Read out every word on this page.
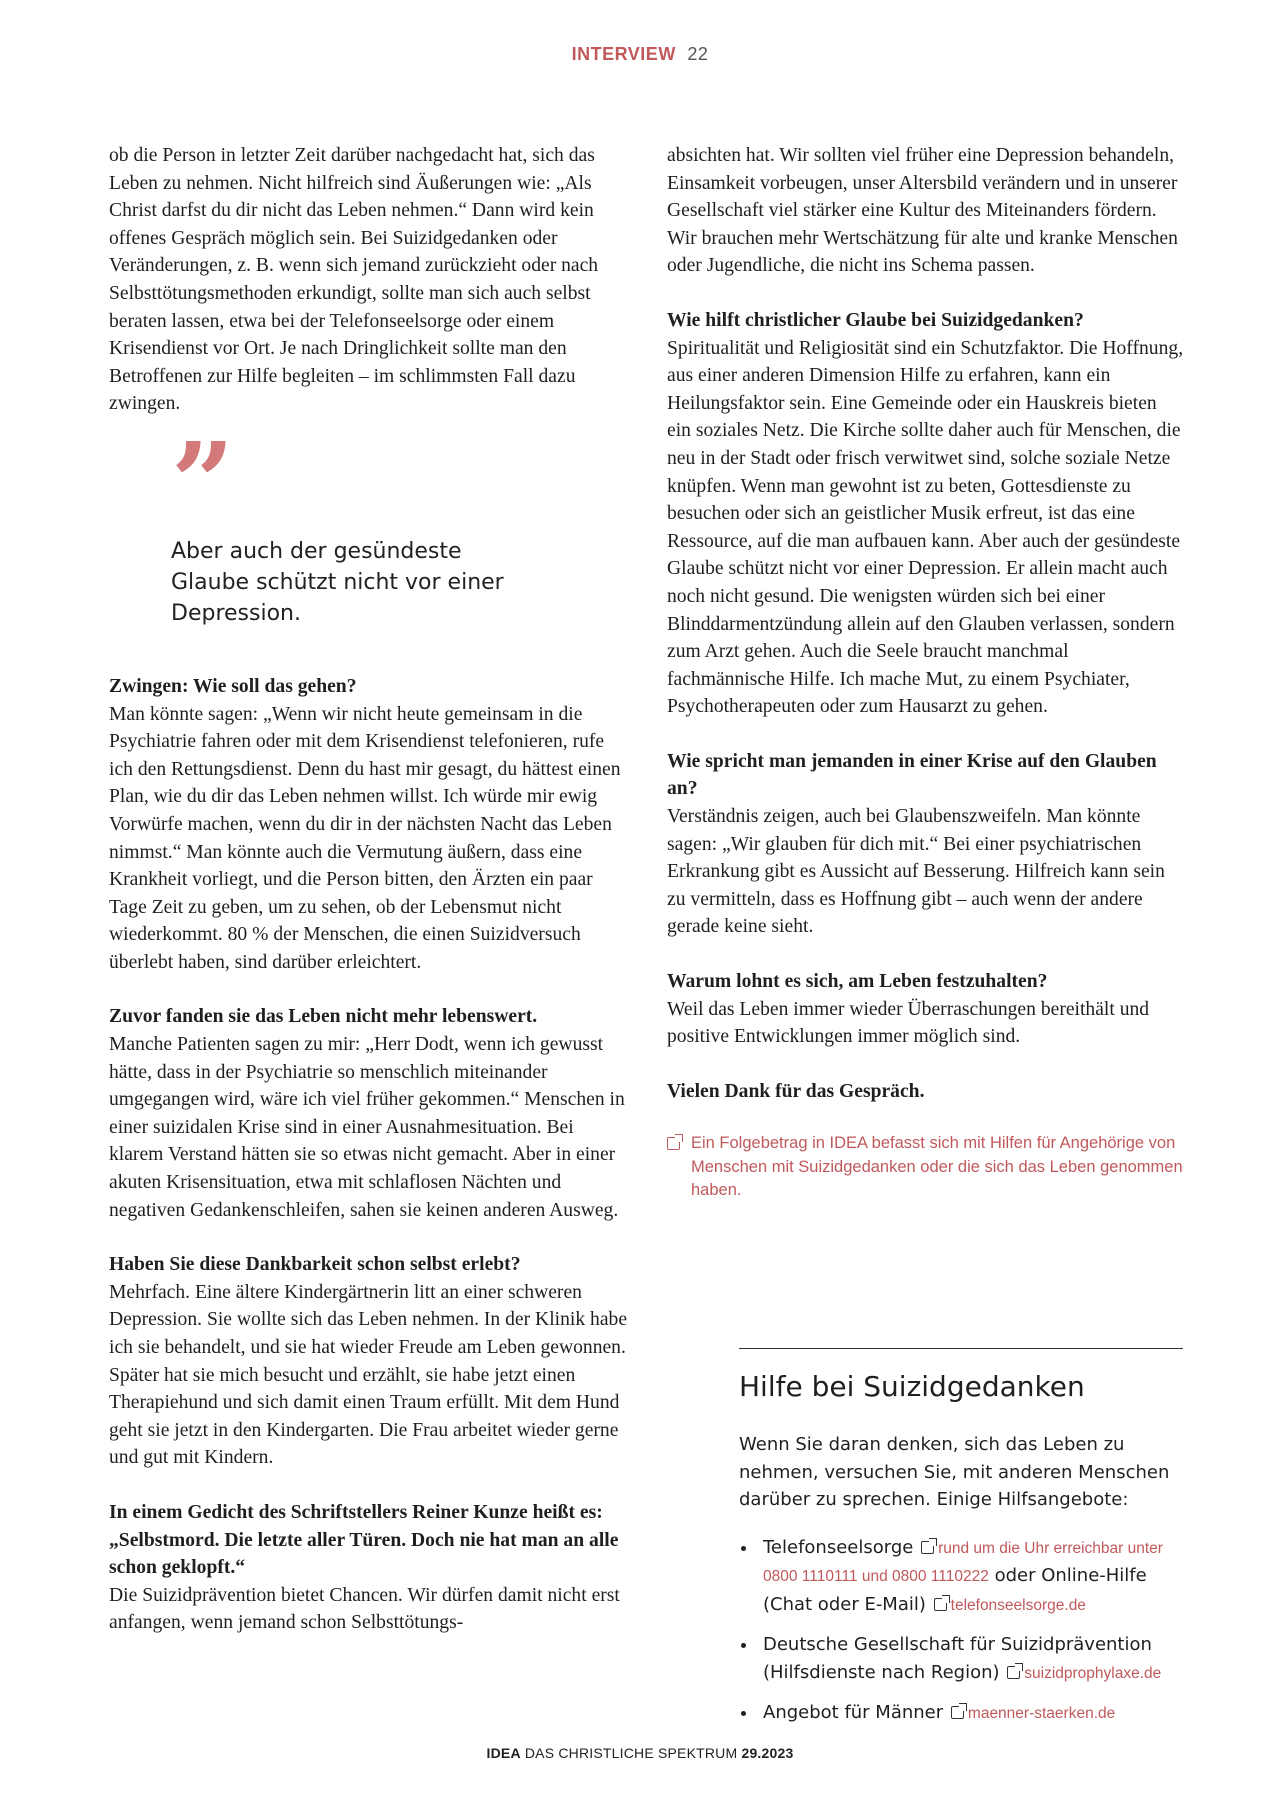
INTERVIEW 22

ob die Person in letzter Zeit darüber nachgedacht hat, sich das Leben zu nehmen. Nicht hilfreich sind Äußerungen wie: „Als Christ darfst du dir nicht das Leben nehmen.“ Dann wird kein offenes Gespräch möglich sein. Bei Suizidgedanken oder Veränderungen, z. B. wenn sich jemand zurückzieht oder nach Selbsttötungsmethoden erkundigt, sollte man sich auch selbst beraten lassen, etwa bei der Telefonseelsorge oder einem Krisendienst vor Ort. Je nach Dringlichkeit sollte man den Betroffenen zur Hilfe begleiten – im schlimmsten Fall dazu zwingen.

”
Aber auch der gesündeste Glaube schützt nicht vor einer Depression.

Zwingen: Wie soll das gehen?
Man könnte sagen: „Wenn wir nicht heute gemeinsam in die Psychiatrie fahren oder mit dem Krisendienst telefonieren, rufe ich den Rettungsdienst. Denn du hast mir gesagt, du hättest einen Plan, wie du dir das Leben nehmen willst. Ich würde mir ewig Vorwürfe machen, wenn du dir in der nächsten Nacht das Leben nimmst.“ Man könnte auch die Vermutung äußern, dass eine Krankheit vorliegt, und die Person bitten, den Ärzten ein paar Tage Zeit zu geben, um zu sehen, ob der Lebensmut nicht wiederkommt. 80 % der Menschen, die einen Suizidversuch überlebt haben, sind darüber erleichtert.

Zuvor fanden sie das Leben nicht mehr lebenswert.
Manche Patienten sagen zu mir: „Herr Dodt, wenn ich gewusst hätte, dass in der Psychiatrie so menschlich miteinander umgegangen wird, wäre ich viel früher gekommen.“ Menschen in einer suizidalen Krise sind in einer Ausnahmesituation. Bei klarem Verstand hätten sie so etwas nicht gemacht. Aber in einer akuten Krisensituation, etwa mit schlaflosen Nächten und negativen Gedankenschleifen, sahen sie keinen anderen Ausweg.

Haben Sie diese Dankbarkeit schon selbst erlebt?
Mehrfach. Eine ältere Kindergärtnerin litt an einer schweren Depression. Sie wollte sich das Leben nehmen. In der Klinik habe ich sie behandelt, und sie hat wieder Freude am Leben gewonnen. Später hat sie mich besucht und erzählt, sie habe jetzt einen Therapiehund und sich damit einen Traum erfüllt. Mit dem Hund geht sie jetzt in den Kindergarten. Die Frau arbeitet wieder gerne und gut mit Kindern.

In einem Gedicht des Schriftstellers Reiner Kunze heißt es: „Selbstmord. Die letzte aller Türen. Doch nie hat man an alle schon geklopft.“
Die Suizidprävention bietet Chancen. Wir dürfen damit nicht erst anfangen, wenn jemand schon Selbsttötungs-

absichten hat. Wir sollten viel früher eine Depression behandeln, Einsamkeit vorbeugen, unser Altersbild verändern und in unserer Gesellschaft viel stärker eine Kultur des Miteinanders fördern. Wir brauchen mehr Wertschätzung für alte und kranke Menschen oder Jugendliche, die nicht ins Schema passen.

Wie hilft christlicher Glaube bei Suizidgedanken?
Spiritualität und Religiosität sind ein Schutzfaktor. Die Hoffnung, aus einer anderen Dimension Hilfe zu erfahren, kann ein Heilungsfaktor sein. Eine Gemeinde oder ein Hauskreis bieten ein soziales Netz. Die Kirche sollte daher auch für Menschen, die neu in der Stadt oder frisch verwitwet sind, solche soziale Netze knüpfen. Wenn man gewohnt ist zu beten, Gottesdienste zu besuchen oder sich an geistlicher Musik erfreut, ist das eine Ressource, auf die man aufbauen kann. Aber auch der gesündeste Glaube schützt nicht vor einer Depression. Er allein macht auch noch nicht gesund. Die wenigsten würden sich bei einer Blinddarmentzündung allein auf den Glauben verlassen, sondern zum Arzt gehen. Auch die Seele braucht manchmal fachmännische Hilfe. Ich mache Mut, zu einem Psychiater, Psychotherapeuten oder zum Hausarzt zu gehen.

Wie spricht man jemanden in einer Krise auf den Glauben an?
Verständnis zeigen, auch bei Glaubenszweifeln. Man könnte sagen: „Wir glauben für dich mit.“ Bei einer psychiatrischen Erkrankung gibt es Aussicht auf Besserung. Hilfreich kann sein zu vermitteln, dass es Hoffnung gibt – auch wenn der andere gerade keine sieht.

Warum lohnt es sich, am Leben festzuhalten?
Weil das Leben immer wieder Überraschungen bereithält und positive Entwicklungen immer möglich sind.

Vielen Dank für das Gespräch.

Ein Folgebetrag in IDEA befasst sich mit Hilfen für Angehörige von Menschen mit Suizidgedanken oder die sich das Leben genommen haben.
Hilfe bei Suizidgedanken

Wenn Sie daran denken, sich das Leben zu nehmen, versuchen Sie, mit anderen Menschen darüber zu sprechen. Einige Hilfsangebote:

Telefonseelsorge rund um die Uhr erreichbar unter 0800 1110111 und 0800 1110222 oder Online-Hilfe (Chat oder E-Mail) telefonseelsorge.de
Deutsche Gesellschaft für Suizidprävention (Hilfsdienste nach Region) suizidprophylaxe.de
Angebot für Männer maenner-staerken.de
IDEA DAS CHRISTLICHE SPEKTRUM 29.2023
